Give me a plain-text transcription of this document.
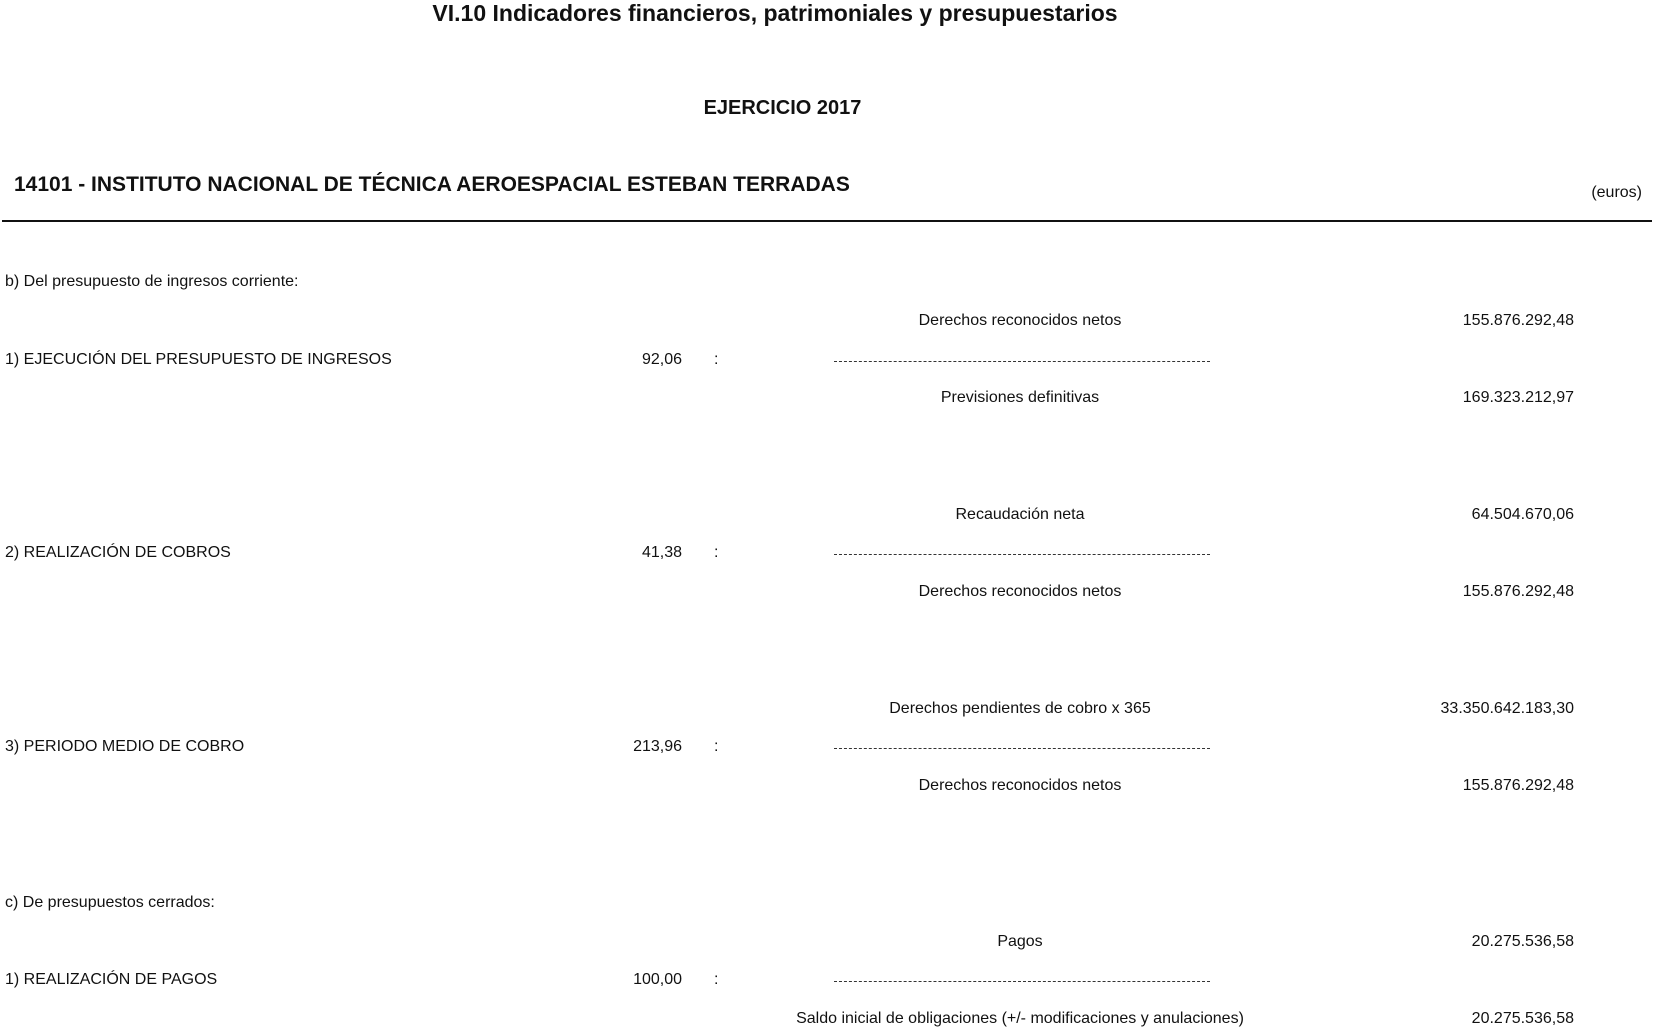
VI.10 Indicadores financieros, patrimoniales y presupuestarios
EJERCICIO 2017
14101 - INSTITUTO NACIONAL DE TÉCNICA AEROESPACIAL ESTEBAN TERRADAS	(euros)
b) Del presupuesto de ingresos corriente:
Derechos reconocidos netos	155.876.292,48
1) EJECUCIÓN DEL PRESUPUESTO DE INGRESOS	92,06 :
Previsiones definitivas	169.323.212,97
Recaudación neta	64.504.670,06
2) REALIZACIÓN DE COBROS	41,38 :
Derechos reconocidos netos	155.876.292,48
Derechos pendientes de cobro x 365	33.350.642.183,30
3) PERIODO MEDIO DE COBRO	213,96 :
Derechos reconocidos netos	155.876.292,48
c) De presupuestos cerrados:
Pagos	20.275.536,58
1) REALIZACIÓN DE PAGOS	100,00 :
Saldo inicial de obligaciones (+/- modificaciones y anulaciones)	20.275.536,58
